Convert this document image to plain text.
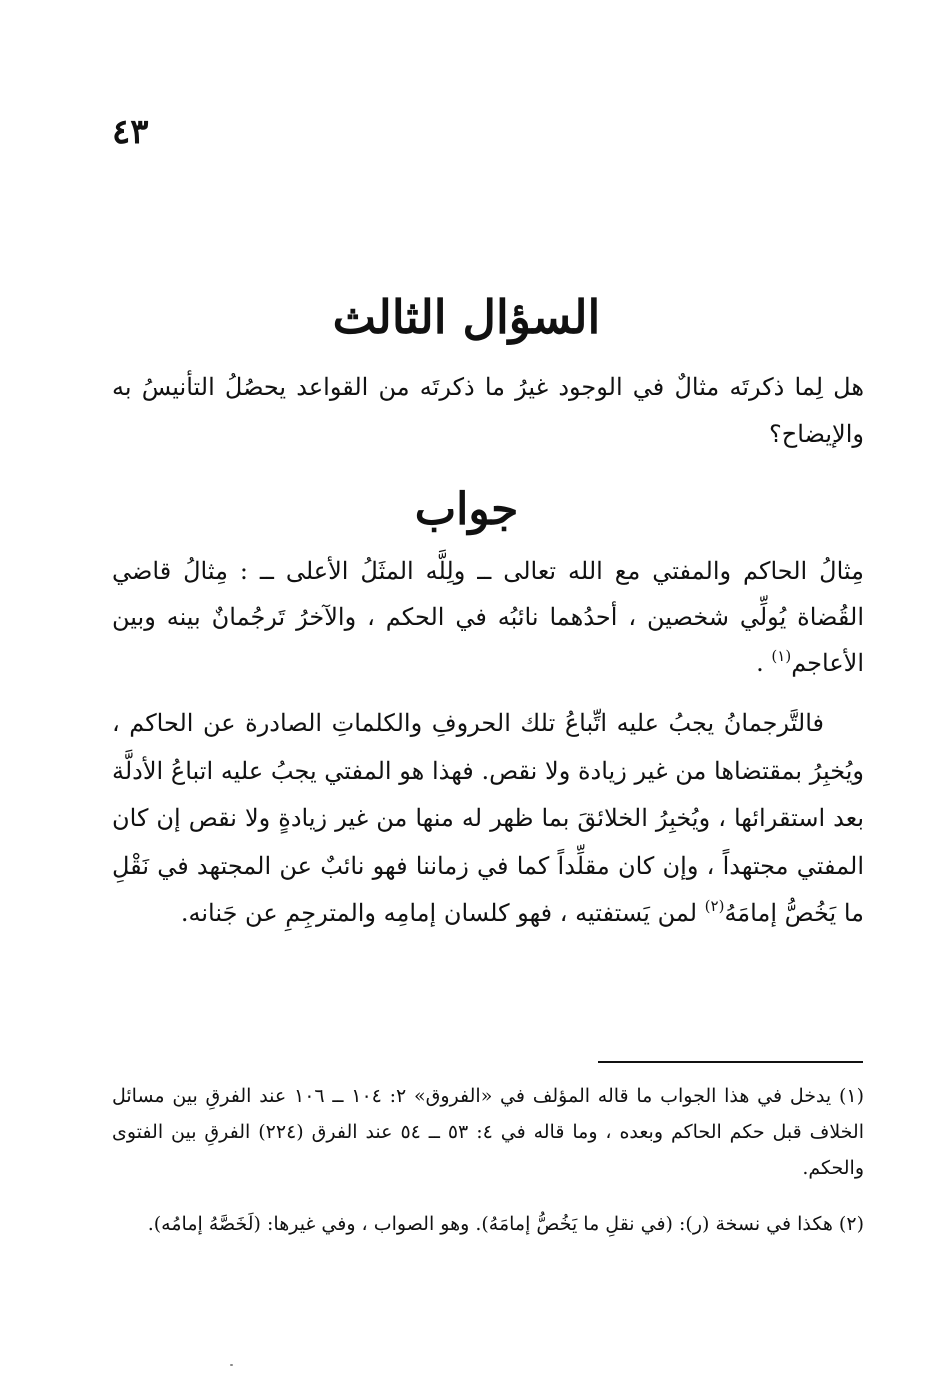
٤٣
السؤال الثالث
هل لِما ذكرتَه مثالٌ في الوجود غيرُ ما ذكرتَه من القواعد يحصُلُ التأنيسُ به والإيضاح؟
جواب
مِثالُ الحاكم والمفتي مع الله تعالى ــ ولِلَّه المثَلُ الأعلى ــ : مِثالُ قاضي القُضاة يُولِّي شخصين ، أحدُهما نائبُه في الحكم ، والآخرُ تَرجُمانٌ بينه وبين الأعاجم$^{(١)}$ .
فالتَّرجمانُ يجبُ عليه اتِّباعُ تلك الحروفِ والكلماتِ الصادرة عن الحاكم ، ويُخبِرُ بمقتضاها من غير زيادة ولا نقص. فهذا هو المفتي يجبُ عليه اتباعُ الأدلَّة بعد استقرائها ، ويُخبِرُ الخلائقَ بما ظهر له منها من غير زيادةٍ ولا نقص إن كان المفتي مجتهداً ، وإن كان مقلِّداً كما في زماننا فهو نائبٌ عن المجتهد في نَقْلِ ما يَخُصُّ إمامَهُ$^{(٢)}$ لمن يَستفتيه ، فهو كلسان إمامِه والمترجِمِ عن جَنانه.
(١) يدخل في هذا الجواب ما قاله المؤلف في «الفروق» ٢: ١٠٤ ــ ١٠٦ عند الفرقِ بين مسائل الخلاف قبل حكم الحاكم وبعده ، وما قاله في ٤: ٥٣ ــ ٥٤ عند الفرق (٢٢٤) الفرقِ بين الفتوى والحكم.
(٢) هكذا في نسخة (ر): (في نقلِ ما يَخُصُّ إمامَهُ). وهو الصواب ، وفي غيرها: (لَخَصَّهُ إمامُه).
